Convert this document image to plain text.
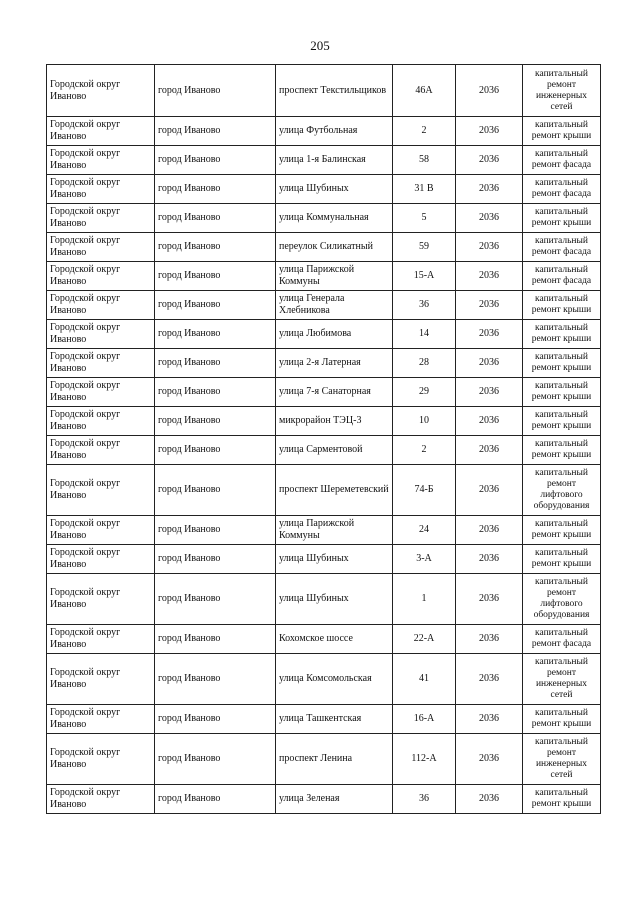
205
Городской округ Иваново	город Иваново	проспект Текстильщиков	46А	2036	капитальный ремонт инженерных сетей
Городской округ Иваново	город Иваново	улица Футбольная	2	2036	капитальный ремонт крыши
Городской округ Иваново	город Иваново	улица 1-я Балинская	58	2036	капитальный ремонт фасада
Городской округ Иваново	город Иваново	улица Шубиных	31 В	2036	капитальный ремонт фасада
Городской округ Иваново	город Иваново	улица Коммунальная	5	2036	капитальный ремонт крыши
Городской округ Иваново	город Иваново	переулок Силикатный	59	2036	капитальный ремонт фасада
Городской округ Иваново	город Иваново	улица Парижской Коммуны	15-А	2036	капитальный ремонт фасада
Городской округ Иваново	город Иваново	улица Генерала Хлебникова	36	2036	капитальный ремонт крыши
Городской округ Иваново	город Иваново	улица Любимова	14	2036	капитальный ремонт крыши
Городской округ Иваново	город Иваново	улица 2-я Латерная	28	2036	капитальный ремонт крыши
Городской округ Иваново	город Иваново	улица 7-я Санаторная	29	2036	капитальный ремонт крыши
Городской округ Иваново	город Иваново	микрорайон ТЭЦ-3	10	2036	капитальный ремонт крыши
Городской округ Иваново	город Иваново	улица Сарментовой	2	2036	капитальный ремонт крыши
Городской округ Иваново	город Иваново	проспект Шереметевский	74-Б	2036	капитальный ремонт лифтового оборудования
Городской округ Иваново	город Иваново	улица Парижской Коммуны	24	2036	капитальный ремонт крыши
Городской округ Иваново	город Иваново	улица Шубиных	3-А	2036	капитальный ремонт крыши
Городской округ Иваново	город Иваново	улица Шубиных	1	2036	капитальный ремонт лифтового оборудования
Городской округ Иваново	город Иваново	Кохомское шоссе	22-А	2036	капитальный ремонт фасада
Городской округ Иваново	город Иваново	улица Комсомольская	41	2036	капитальный ремонт инженерных сетей
Городской округ Иваново	город Иваново	улица Ташкентская	16-А	2036	капитальный ремонт крыши
Городской округ Иваново	город Иваново	проспект Ленина	112-А	2036	капитальный ремонт инженерных сетей
Городской округ Иваново	город Иваново	улица Зеленая	36	2036	капитальный ремонт крыши
